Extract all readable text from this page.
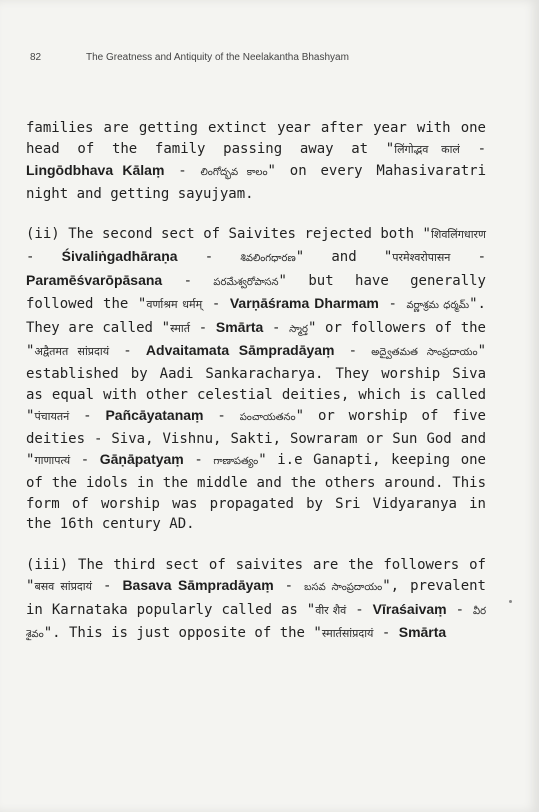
82	The Greatness and Antiquity of the Neelakantha Bhashyam

families are getting extinct year after year with one head of the family passing away at "लिंगोद्भव कालं - Lingōdbhava Kālaṃ - లింగోద్భవ కాలం" on every Mahasivaratri night and getting sayujyam.

(ii) The second sect of Saivites rejected both "शिवलिंगधारण - Śivaliṅgadhāraṇa - శివలింగధారణ" and "परमेश्वरोपासन - Paramēśvarōpāsana - పరమేశ్వరోపాసన" but have generally followed the "वर्णाश्रम धर्मम् - Varṇāśrama Dharmam - వర్ణాశ్రమ ధర్మమ్". They are called "स्मार्त - Smārta - స్మార్త" or followers of the "अद्वैतमत सांप्रदायं - Advaitamata Sāmpradāyaṃ - అద్వైతమత సాంప్రదాయం" established by Aadi Sankaracharya. They worship Siva as equal with other celestial deities, which is called "पंचायतनं - Pañcāyatanaṃ - పంచాయతనం" or worship of five deities - Siva, Vishnu, Sakti, Sowraram or Sun God and "गाणापत्यं - Gāṇāpatyaṃ - గాణాపత్యం" i.e Ganapti, keeping one of the idols in the middle and the others around. This form of worship was propagated by Sri Vidyaranya in the 16th century AD.

(iii) The third sect of saivites are the followers of "बसव सांप्रदायं - Basava Sāmpradāyaṃ - బసవ సాంప్రదాయం", prevalent in Karnataka popularly called as "वीर शैवं - Vīraśaivaṃ - వీర శైవం". This is just opposite of the "स्मार्तसांप्रदायं - Smārta
